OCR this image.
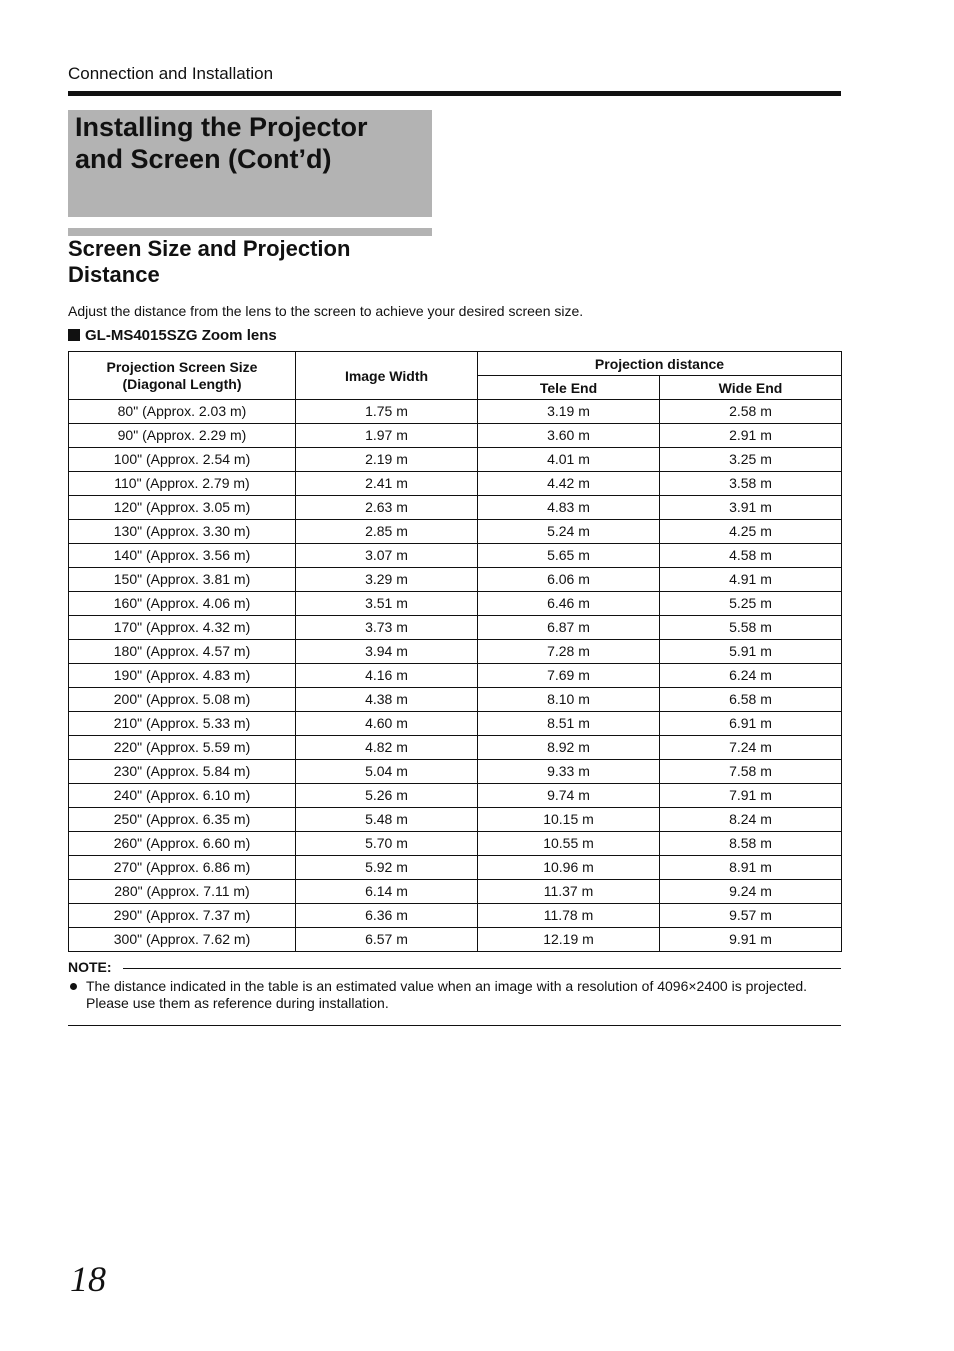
Connection and Installation
Installing the Projector
and Screen (Cont’d)
Screen Size and Projection
Distance
Adjust the distance from the lens to the screen to achieve your desired screen size.
GL-MS4015SZG Zoom lens
Projection Screen Size
(Diagonal Length)	Image Width	Projection distance	
		Tele End	Wide End
80" (Approx. 2.03 m)	1.75 m	3.19 m	2.58 m
90" (Approx. 2.29 m)	1.97 m	3.60 m	2.91 m
100" (Approx. 2.54 m)	2.19 m	4.01 m	3.25 m
110" (Approx. 2.79 m)	2.41 m	4.42 m	3.58 m
120" (Approx. 3.05 m)	2.63 m	4.83 m	3.91 m
130" (Approx. 3.30 m)	2.85 m	5.24 m	4.25 m
140" (Approx. 3.56 m)	3.07 m	5.65 m	4.58 m
150" (Approx. 3.81 m)	3.29 m	6.06 m	4.91 m
160" (Approx. 4.06 m)	3.51 m	6.46 m	5.25 m
170" (Approx. 4.32 m)	3.73 m	6.87 m	5.58 m
180" (Approx. 4.57 m)	3.94 m	7.28 m	5.91 m
190" (Approx. 4.83 m)	4.16 m	7.69 m	6.24 m
200" (Approx. 5.08 m)	4.38 m	8.10 m	6.58 m
210" (Approx. 5.33 m)	4.60 m	8.51 m	6.91 m
220" (Approx. 5.59 m)	4.82 m	8.92 m	7.24 m
230" (Approx. 5.84 m)	5.04 m	9.33 m	7.58 m
240" (Approx. 6.10 m)	5.26 m	9.74 m	7.91 m
250" (Approx. 6.35 m)	5.48 m	10.15 m	8.24 m
260" (Approx. 6.60 m)	5.70 m	10.55 m	8.58 m
270" (Approx. 6.86 m)	5.92 m	10.96 m	8.91 m
280" (Approx. 7.11 m)	6.14 m	11.37 m	9.24 m
290" (Approx. 7.37 m)	6.36 m	11.78 m	9.57 m
300" (Approx. 7.62 m)	6.57 m	12.19 m	9.91 m
NOTE:
The distance indicated in the table is an estimated value when an image with a resolution of 4096×2400 is projected.
Please use them as reference during installation.
18
